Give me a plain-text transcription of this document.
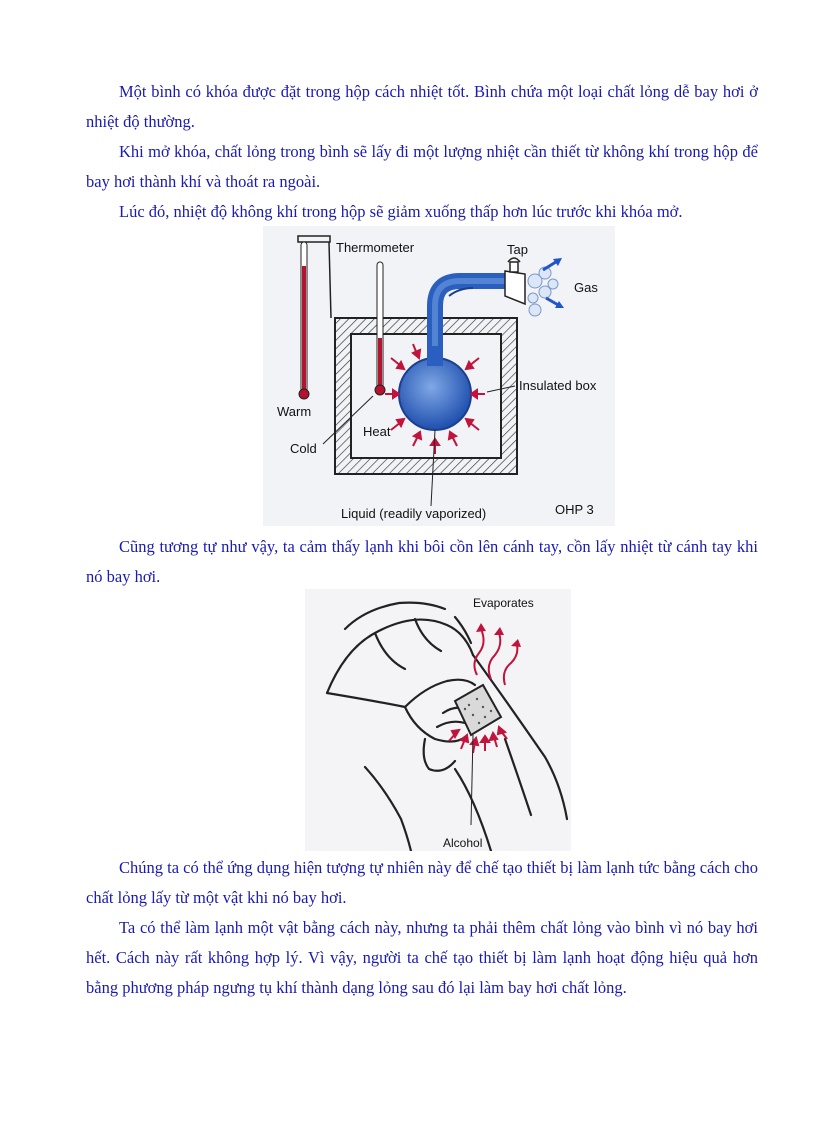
Một bình có khóa được đặt trong hộp cách nhiệt tốt. Bình chứa một loại chất lỏng dễ bay hơi ở nhiệt độ thường.

Khi mở khóa, chất lỏng trong bình sẽ lấy đi một lượng nhiệt cần thiết từ không khí trong hộp để bay hơi thành khí và thoát ra ngoài.

Lúc đó, nhiệt độ không khí trong hộp sẽ giảm xuống thấp hơn lúc trước khi khóa mở.

Thermometer	Tap
Gas
Insulated box
Warm
Cold
Heat
Liquid (readily vaporized)	OHP 3

Cũng tương tự như vậy, ta cảm thấy lạnh khi bôi cồn lên cánh tay, cồn lấy nhiệt từ cánh tay khi nó bay hơi.

Evaporates
Alcohol

Chúng ta có thể ứng dụng hiện tượng tự nhiên này để chế tạo thiết bị làm lạnh tức bằng cách cho chất lỏng lấy từ một vật khi nó bay hơi.

Ta có thể làm lạnh một vật bằng cách này, nhưng ta phải thêm chất lỏng vào bình vì nó bay hơi hết. Cách này rất không hợp lý. Vì vậy, người ta chế tạo thiết bị làm lạnh hoạt động hiệu quả hơn bằng phương pháp ngưng tụ khí thành dạng lỏng sau đó lại làm bay hơi chất lỏng.
